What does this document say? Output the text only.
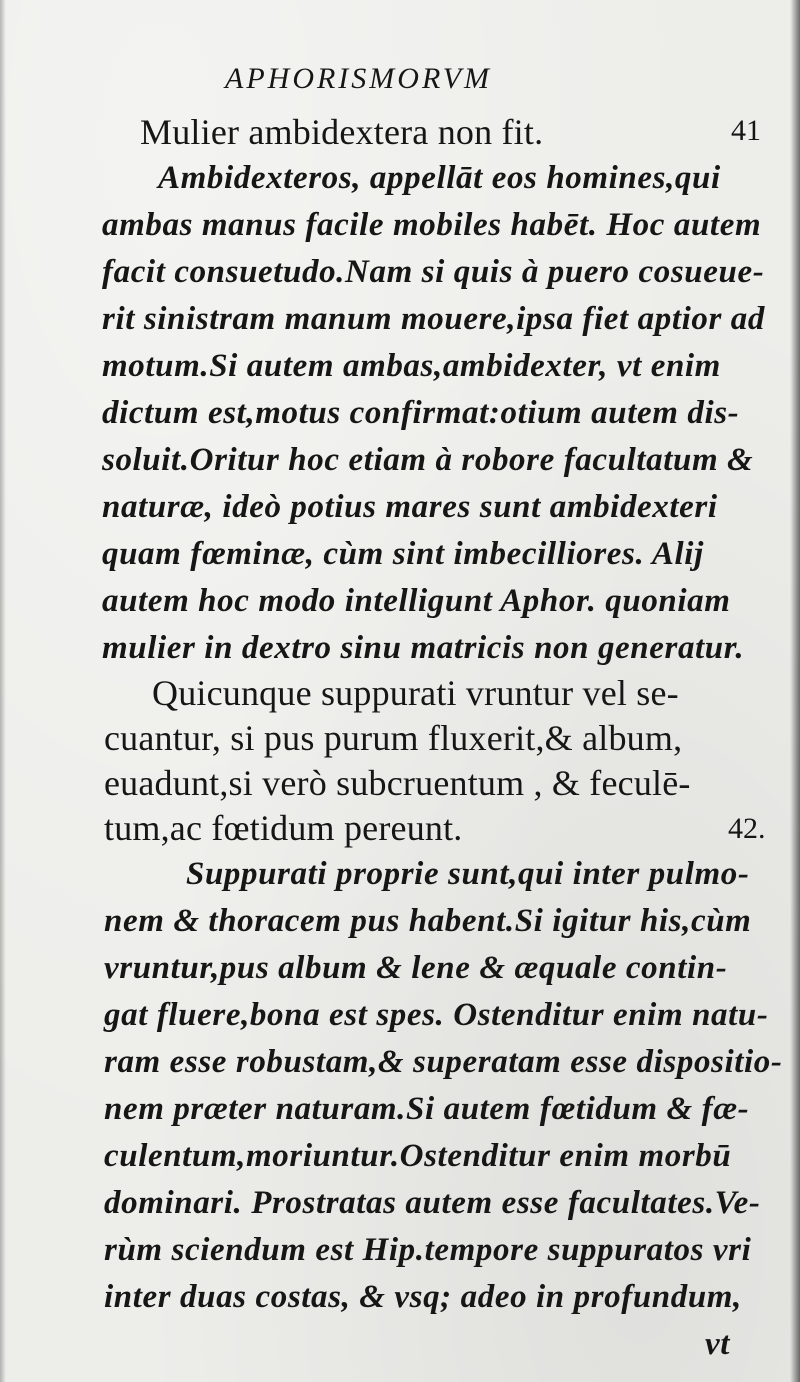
APHORISMORVM
Mulier ambidextera non fit.	41
Ambidexteros, appellāt eos homines,qui
ambas manus facile mobiles habēt. Hoc autem
facit consuetudo.Nam si quis à puero cosueue-
rit sinistram manum mouere,ipsa fiet aptior ad
motum.Si autem ambas,ambidexter, vt enim
dictum est,motus confirmat:otium autem dis-
soluit.Oritur hoc etiam à robore facultatum &
naturæ, ideò potius mares sunt ambidexteri
quam fœminæ, cùm sint imbecilliores. Alij
autem hoc modo intelligunt Aphor. quoniam
mulier in dextro sinu matricis non generatur.
Quicunque suppurati vruntur vel se-
cuantur, si pus purum fluxerit,& album,
euadunt,si verò subcruentum , & feculē-
tum,ac fœtidum pereunt.	42.
Suppurati proprie sunt,qui inter pulmo-
nem & thoracem pus habent.Si igitur his,cùm
vruntur,pus album & lene & æquale contin-
gat fluere,bona est spes. Ostenditur enim natu-
ram esse robustam,& superatam esse dispositio-
nem præter naturam.Si autem fœtidum & fæ-
culentum,moriuntur.Ostenditur enim morbū
dominari. Prostratas autem esse facultates.Ve-
rùm sciendum est Hip.tempore suppuratos vri
inter duas costas, & vsq; adeo in profundum,
vt
